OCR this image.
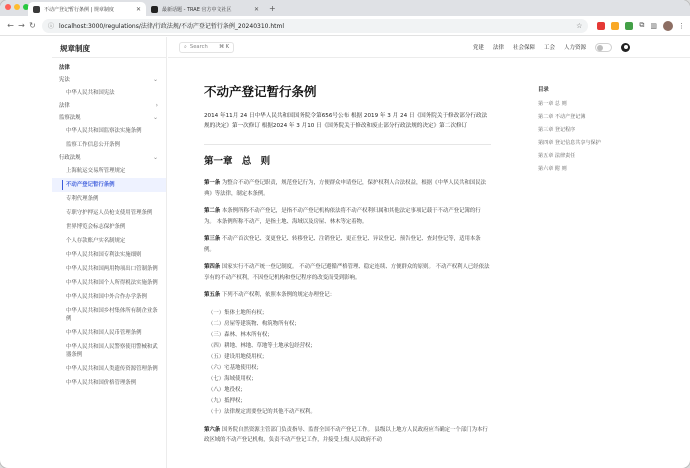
不动产登记暂行条例 | 规章制度	✕	最新话题 - TRAE 官方中文社区	✕ +
← → ↻	ⓘ localhost:3000/regulations/法律/行政法规/不动产登记暂行条例_20240310.html	☆	⧉ ▥	⋮
规章制度
法律
宪法	⌄
中华人民共和国宪法
法律	›
监察法规	⌄
中华人民共和国监察法实施条例
监察工作信息公开条例
行政法规	⌄
上海航运交易所管理规定
不动产登记暂行条例
专利代理条例
专职守护押运人员枪支使用管理条例
世界博览会标志保护条例
个人存款账户实名制规定
中华人民共和国专利法实施细则
中华人民共和国两用物项出口管制条例
中华人民共和国个人所得税法实施条例
中华人民共和国中外合作办学条例
中华人民共和国乡村集体所有制企业条例
中华人民共和国人民币管理条例
中华人民共和国人民警察使用警械和武器条例
中华人民共和国人类遗传资源管理条例
中华人民共和国价格管理条例
⌕ Search ⌘ K	党建 法律 社会保障 工会 人力资源
不动产登记暂行条例

2014 年11月 24 日中华人民共和国国务院令第656号公布 根据 2019 年 3 月 24 日《国务院关于修改部分行政法规的决定》第一次修订 根据2024 年 3 月10 日《国务院关于修改和废止部分行政法规的决定》第二次修订

第一章 总 则

第一条 为整合不动产登记职责，规范登记行为，方便群众申请登记，保护权利人合法权益，根据《中华人民共和国民法典》等法律，制定本条例。

第二条 本条例所称不动产登记，是指不动产登记机构依法将不动产权利归属和其他法定事项记载于不动产登记簿的行为。 本条例所称不动产，是指土地、海域以及房屋、林木等定着物。

第三条 不动产首次登记、变更登记、转移登记、注销登记、更正登记、异议登记、预告登记、查封登记等，适用本条例。

第四条 国家实行不动产统一登记制度。 不动产登记遵循严格管理、稳定连续、方便群众的原则。 不动产权利人已经依法享有的不动产权利，不因登记机构和登记程序的改变而受到影响。

第五条 下列不动产权利，依照本条例的规定办理登记：

（一）集体土地所有权；
（二）房屋等建筑物、构筑物所有权；
（三）森林、林木所有权；
（四）耕地、林地、草地等土地承包经营权；
（五）建设用地使用权；
（六）宅基地使用权；
（七）海域使用权；
（八）地役权；
（九）抵押权；
（十）法律规定需要登记的其他不动产权利。

第六条 国务院自然资源主管部门负责指导、监督全国不动产登记工作。 县级以上地方人民政府应当确定一个部门为本行政区域的不动产登记机构，负责不动产登记工作，并接受上级人民政府不动

目录
第一章 总 则
第二章 不动产登记簿
第三章 登记程序
第四章 登记信息共享与保护
第五章 法律责任
第六章 附 则
